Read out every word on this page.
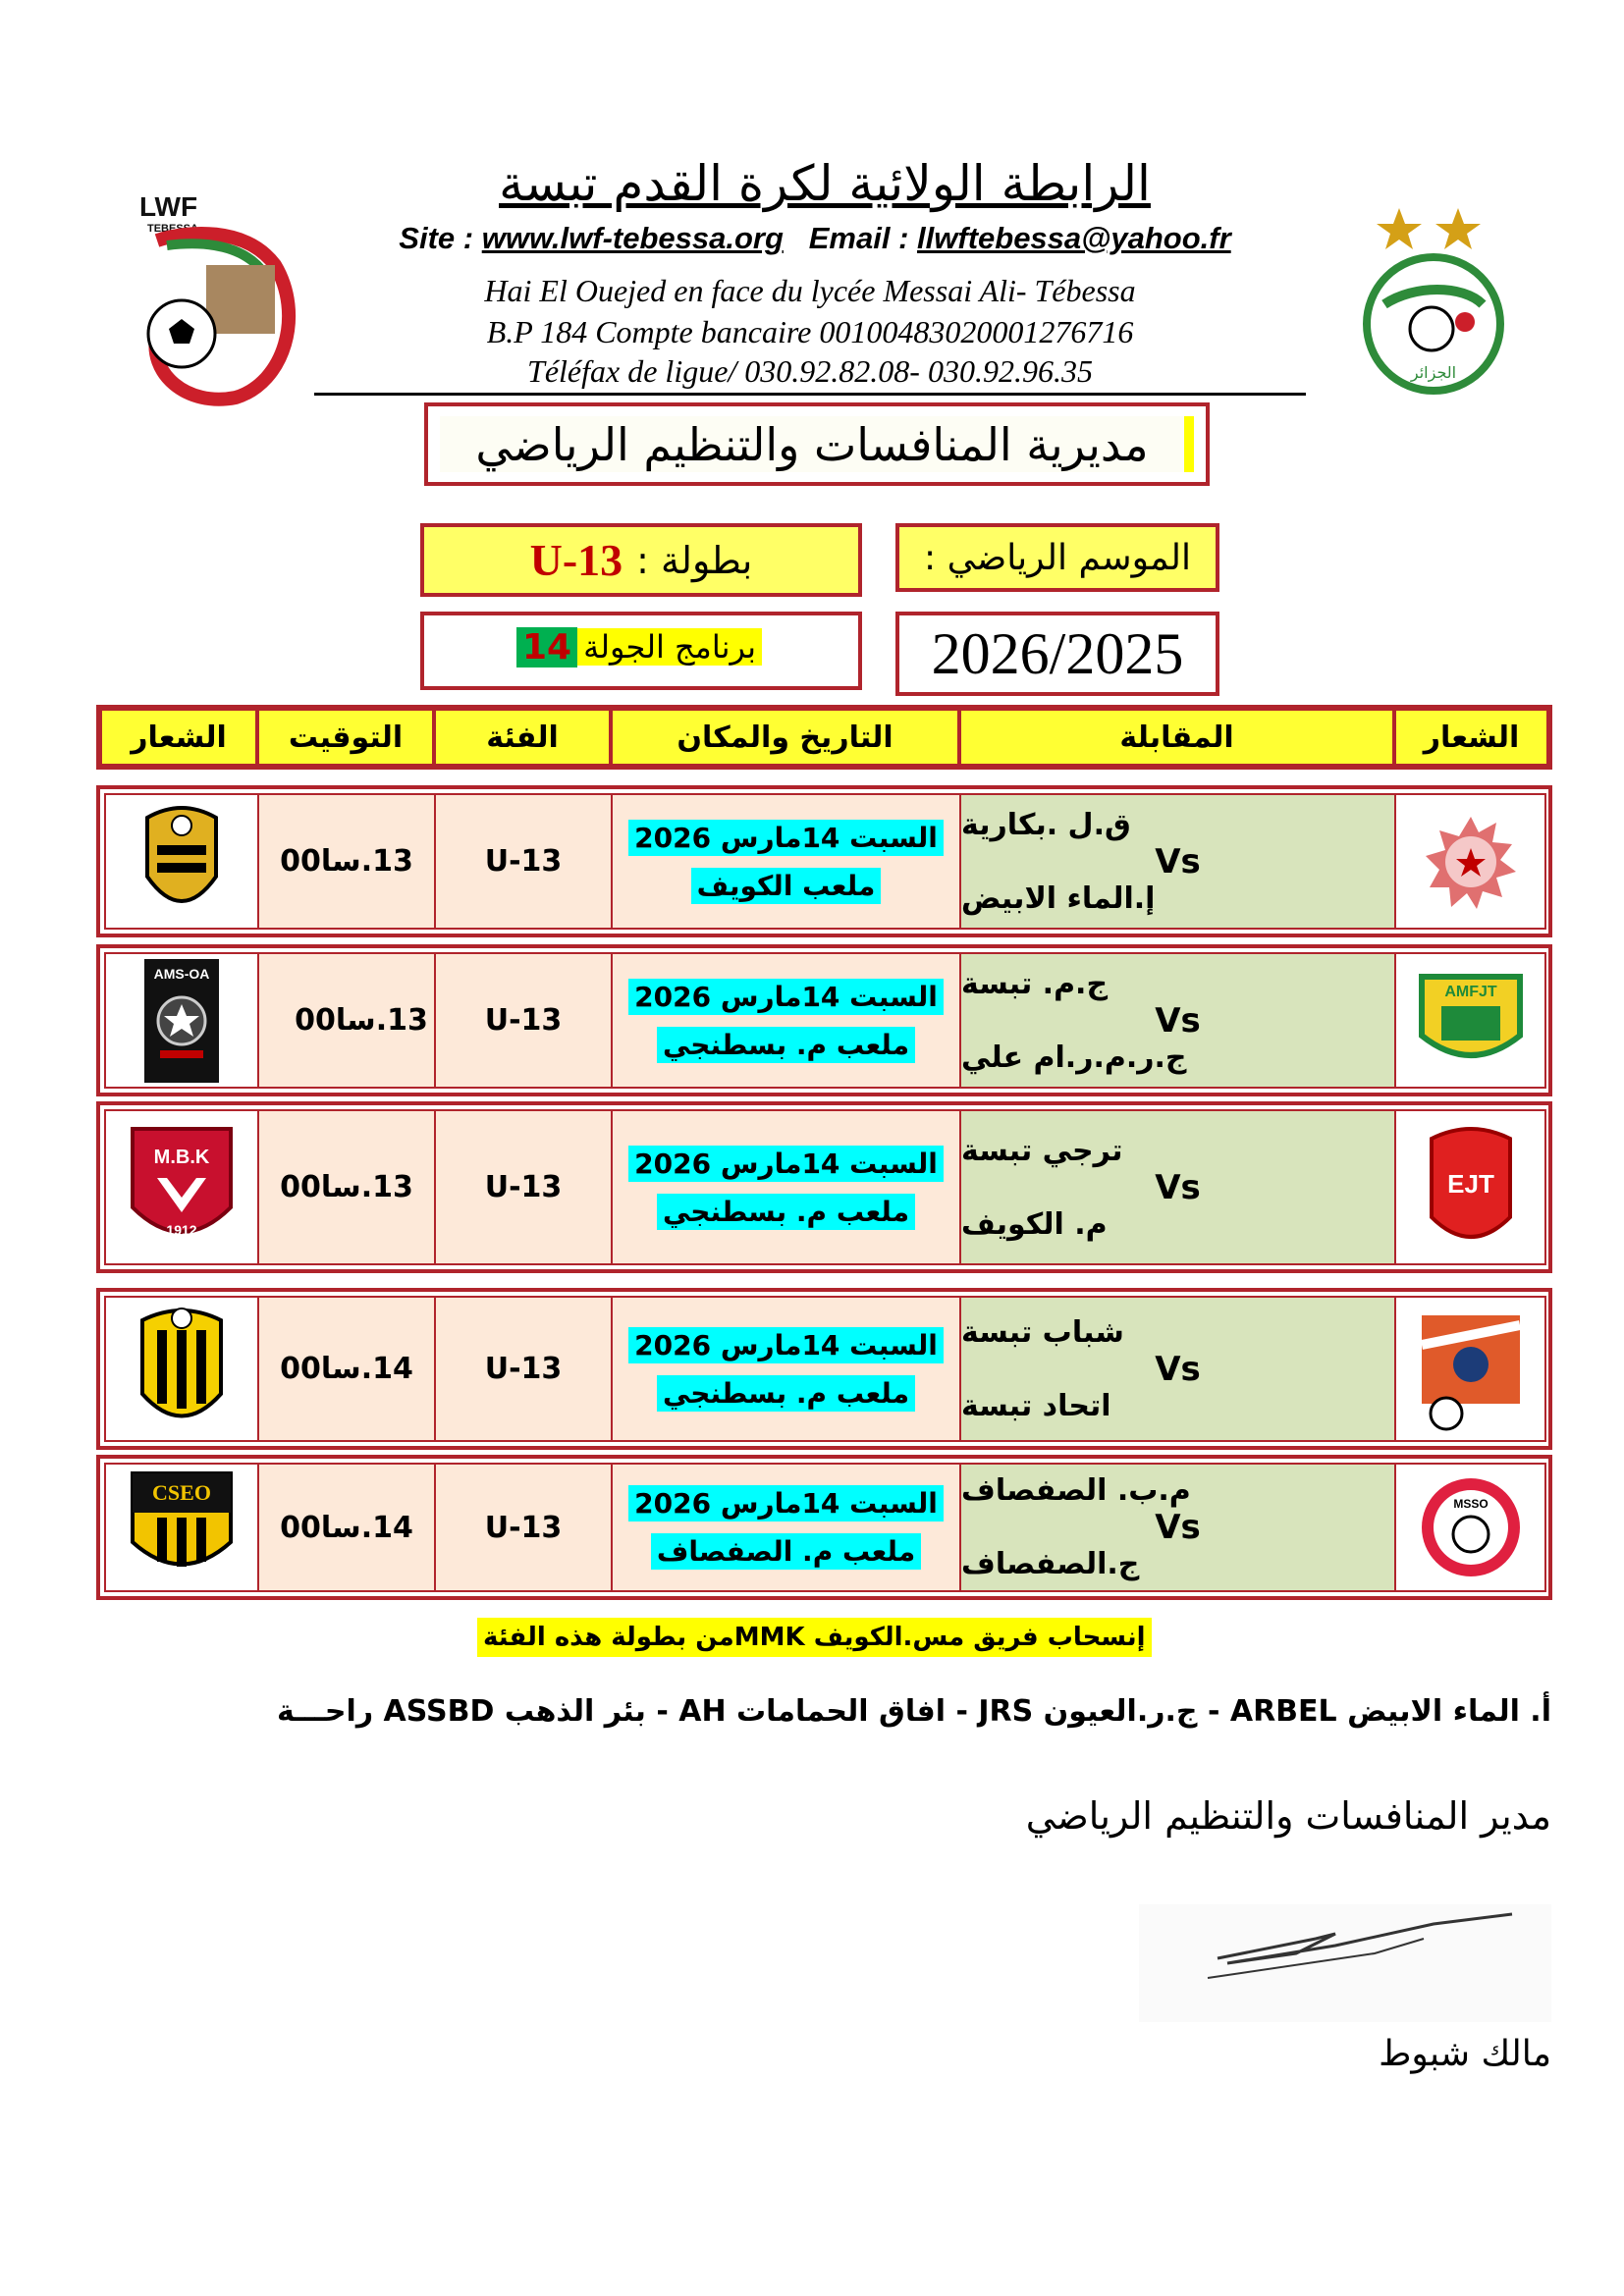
LWF
TEBESSA
الجزائر
الرابطة الولائية لكرة القدم تبسة
Site : www.lwf-tebessa.org Email : llwftebessa@yahoo.fr
Hai El Ouejed en face du lycée Messai Ali- Tébessa
B.P 184 Compte bancaire 0010048302000127671​6
Téléfax de ligue/ 030.92.82.08- 030.92.96.35
مديرية المنافسات والتنظيم الرياضي
بطولة :
U-13	الموسم الرياضي :
برنامج الجولة
14	2026/2025
الشعار
المقابلة
التاريخ والمكان
الفئة
التوقيت
الشعار
ق.ل .بكارية
Vs
إ.الماء الابيض
السبت 14مارس 2026
ملعب الكويف
U-13
13.سا00
AMFJT
ج.م. تبسة
Vs
ج.ر.م.ر.ام علي
السبت 14مارس 2026
ملعب م. بسطنجي
U-13
13.سا00
AMS-OA
EJT
ترجي تبسة
Vs
م. الكويف
السبت 14مارس 2026
ملعب م. بسطنجي
U-13
13.سا00
M.B.K
1912
شباب تبسة
Vs
اتحاد تبسة
السبت 14مارس 2026
ملعب م. بسطنجي
U-13
14.سا00
MSSO
م.ب. الصفصاف
Vs
ج.الصفصاف
السبت 14مارس 2026
ملعب م. الصفصاف
U-13
14.سا00
CSEO
إنسحاب فريق مس.الكويف MMKمن بطولة هذه الفئة
أ. الماء الابيض ARBEL - ج.ر.العيون JRS - افاق الحمامات AH - بئر الذهب ASSBD راحـــة
مدير المنافسات والتنظيم الرياضي
مالك شبوط
